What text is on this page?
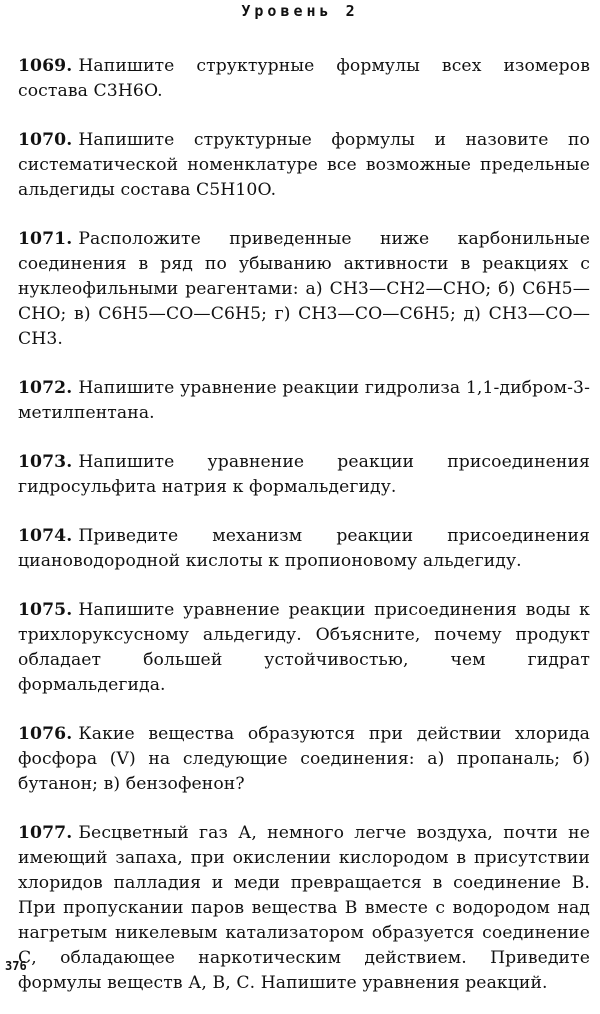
Уровень 2

1069. Напишите структурные формулы всех изомеров состава C3H6O.

1070. Напишите структурные формулы и назовите по систематической номенклатуре все возможные предельные альдегиды состава C5H10O.

1071. Расположите приведенные ниже карбонильные соединения в ряд по убыванию активности в реакциях с нуклеофильными реагентами: а) CH3—CH2—CHO; б) C6H5—CHO; в) C6H5—CO—C6H5; г) CH3—CO—C6H5; д) CH3—CO—CH3.

1072. Напишите уравнение реакции гидролиза 1,1-дибром-3-метилпентана.

1073. Напишите уравнение реакции присоединения гидросульфита натрия к формальдегиду.

1074. Приведите механизм реакции присоединения циановодородной кислоты к пропионовому альдегиду.

1075. Напишите уравнение реакции присоединения воды к трихлоруксусному альдегиду. Объясните, почему продукт обладает большей устойчивостью, чем гидрат формальдегида.

1076. Какие вещества образуются при действии хлорида фосфора (V) на следующие соединения: а) пропаналь; б) бутанон; в) бензофенон?

1077. Бесцветный газ А, немного легче воздуха, почти не имеющий запаха, при окислении кислородом в присутствии хлоридов палладия и меди превращается в соединение В. При пропускании паров вещества В вместе с водородом над нагретым никелевым катализатором образуется соединение С, обладающее наркотическим действием. Приведите формулы веществ А, В, С. Напишите уравнения реакций.

376
